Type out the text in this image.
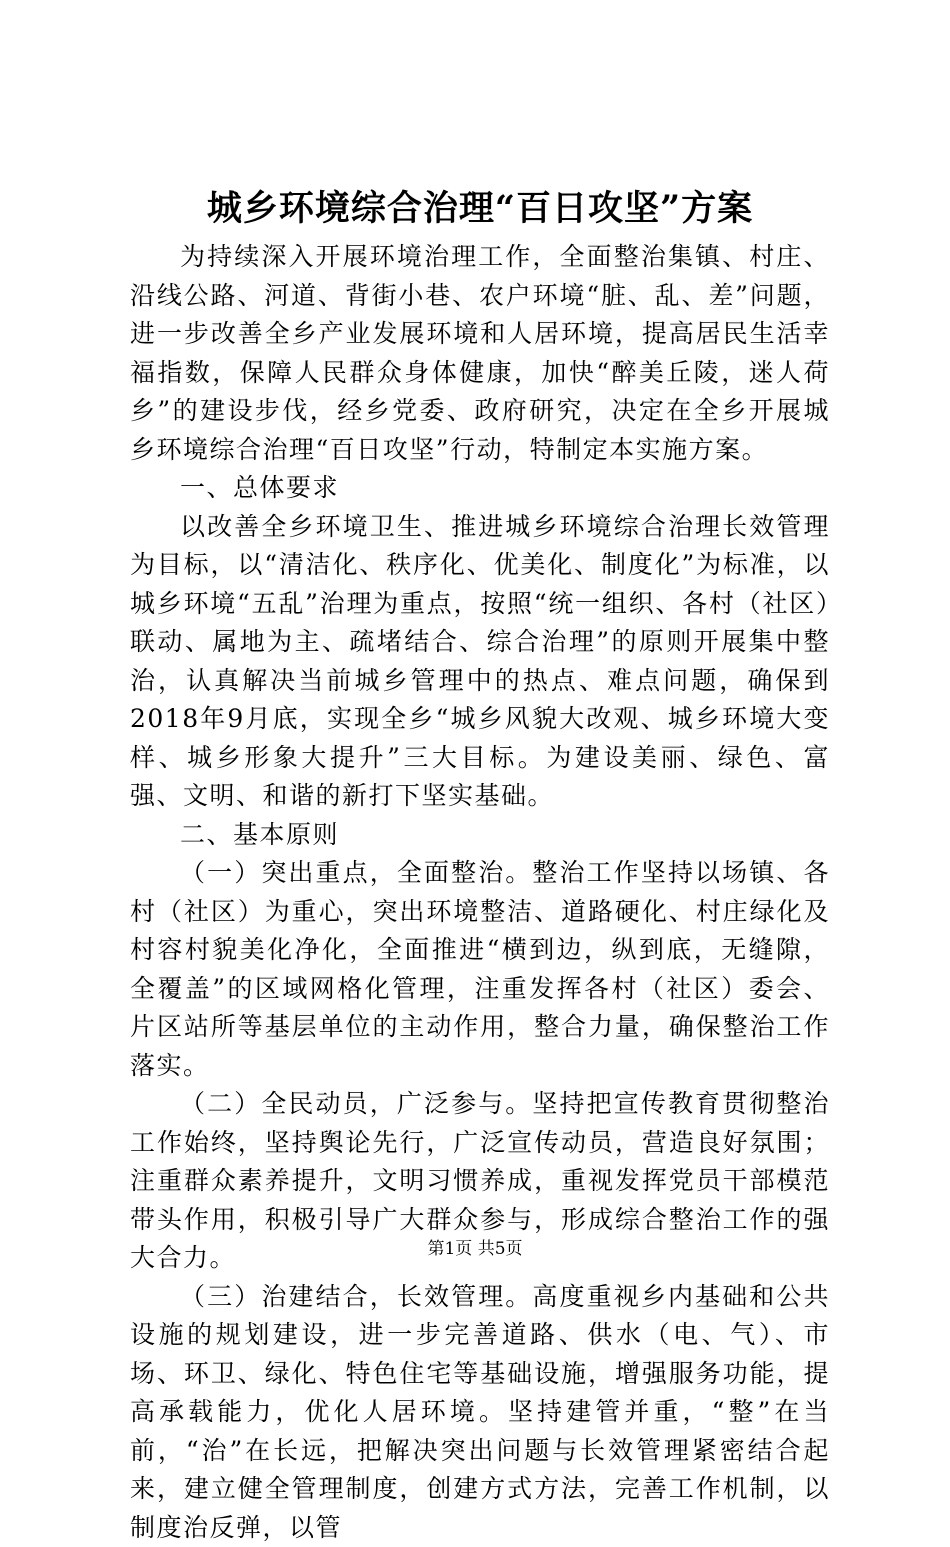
城乡环境综合治理“百日攻坚”方案

为持续深入开展环境治理工作，全面整治集镇、村庄、沿线公路、河道、背街小巷、农户环境“脏、乱、差”问题，进一步改善全乡产业发展环境和人居环境，提高居民生活幸福指数，保障人民群众身体健康，加快“醉美丘陵，迷人荷乡”的建设步伐，经乡党委、政府研究，决定在全乡开展城乡环境综合治理“百日攻坚”行动，特制定本实施方案。

一、总体要求

以改善全乡环境卫生、推进城乡环境综合治理长效管理为目标，以“清洁化、秩序化、优美化、制度化”为标准，以城乡环境“五乱”治理为重点，按照“统一组织、各村（社区）联动、属地为主、疏堵结合、综合治理”的原则开展集中整治，认真解决当前城乡管理中的热点、难点问题，确保到2018年9月底，实现全乡“城乡风貌大改观、城乡环境大变样、城乡形象大提升”三大目标。为建设美丽、绿色、富强、文明、和谐的新打下坚实基础。

二、基本原则

（一）突出重点，全面整治。整治工作坚持以场镇、各村（社区）为重心，突出环境整洁、道路硬化、村庄绿化及村容村貌美化净化，全面推进“横到边，纵到底，无缝隙，全覆盖”的区域网格化管理，注重发挥各村（社区）委会、片区站所等基层单位的主动作用，整合力量，确保整治工作落实。

（二）全民动员，广泛参与。坚持把宣传教育贯彻整治工作始终，坚持舆论先行，广泛宣传动员，营造良好氛围；注重群众素养提升，文明习惯养成，重视发挥党员干部模范带头作用，积极引导广大群众参与，形成综合整治工作的强大合力。

（三）治建结合，长效管理。高度重视乡内基础和公共设施的规划建设，进一步完善道路、供水（电、气）、市场、环卫、绿化、特色住宅等基础设施，增强服务功能，提高承载能力，优化人居环境。坚持建管并重，“整”在当前，“治”在长远，把解决突出问题与长效管理紧密结合起来，建立健全管理制度，创建方式方法，完善工作机制，以制度治反弹，以管

第1页 共5页
